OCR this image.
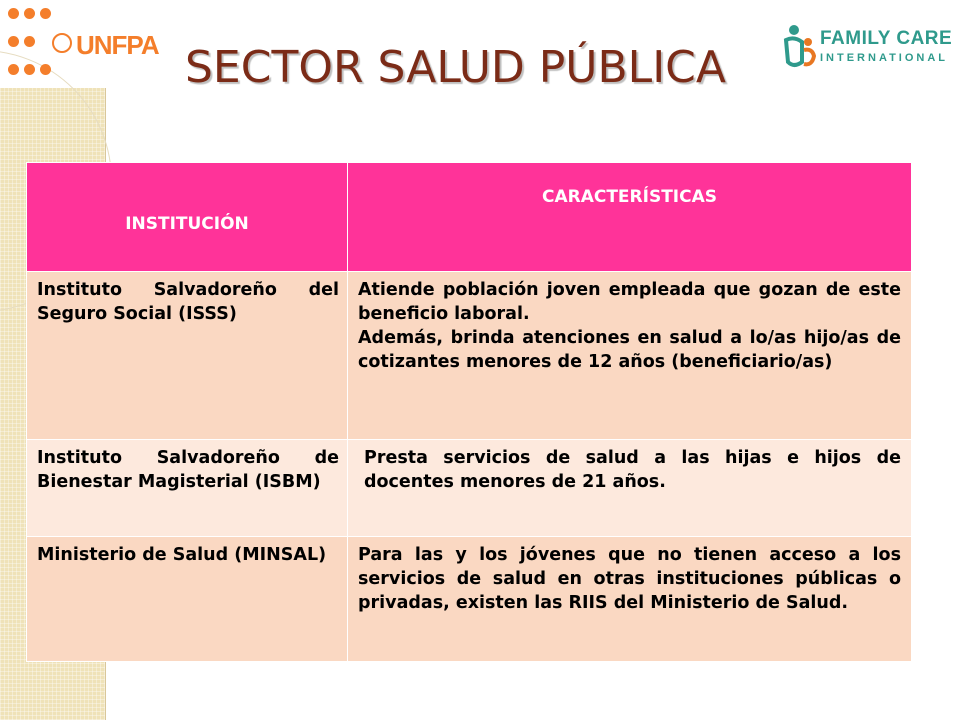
UNFPA SECTOR SALUD PÚBLICA
FAMILY CARE
INTERNATIONAL
INSTITUCIÓN	CARACTERÍSTICAS
Instituto Salvadoreño del Seguro Social (ISSS)	Atiende población joven empleada que gozan de este beneficio laboral.
Además, brinda atenciones en salud a lo/as hijo/as de cotizantes menores de 12 años (beneficiario/as)

Instituto Salvadoreño de Bienestar Magisterial (ISBM)	Presta servicios de salud a las hijas e hijos de docentes menores de 21 años.

Ministerio de Salud (MINSAL)	Para las y los jóvenes que no tienen acceso a los servicios de salud en otras instituciones públicas o privadas, existen las RIIS del Ministerio de Salud.
